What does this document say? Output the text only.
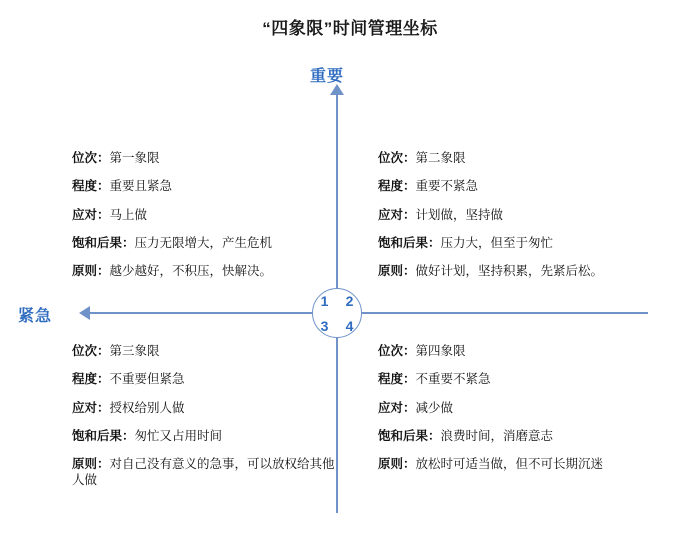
“四象限”时间管理坐标
重要
紧急
1	2
3	4
位次：第一象限
程度：重要且紧急
应对：马上做
饱和后果：压力无限增大，产生危机
原则：越少越好，不积压，快解决。
位次：第二象限
程度：重要不紧急
应对：计划做，坚持做
饱和后果：压力大，但至于匆忙
原则：做好计划，坚持积累，先紧后松。
位次：第三象限
程度：不重要但紧急
应对：授权给别人做
饱和后果：匆忙又占用时间
原则：对自己没有意义的急事，可以放权给其他人做
位次：第四象限
程度：不重要不紧急
应对：减少做
饱和后果：浪费时间，消磨意志
原则：放松时可适当做，但不可长期沉迷
